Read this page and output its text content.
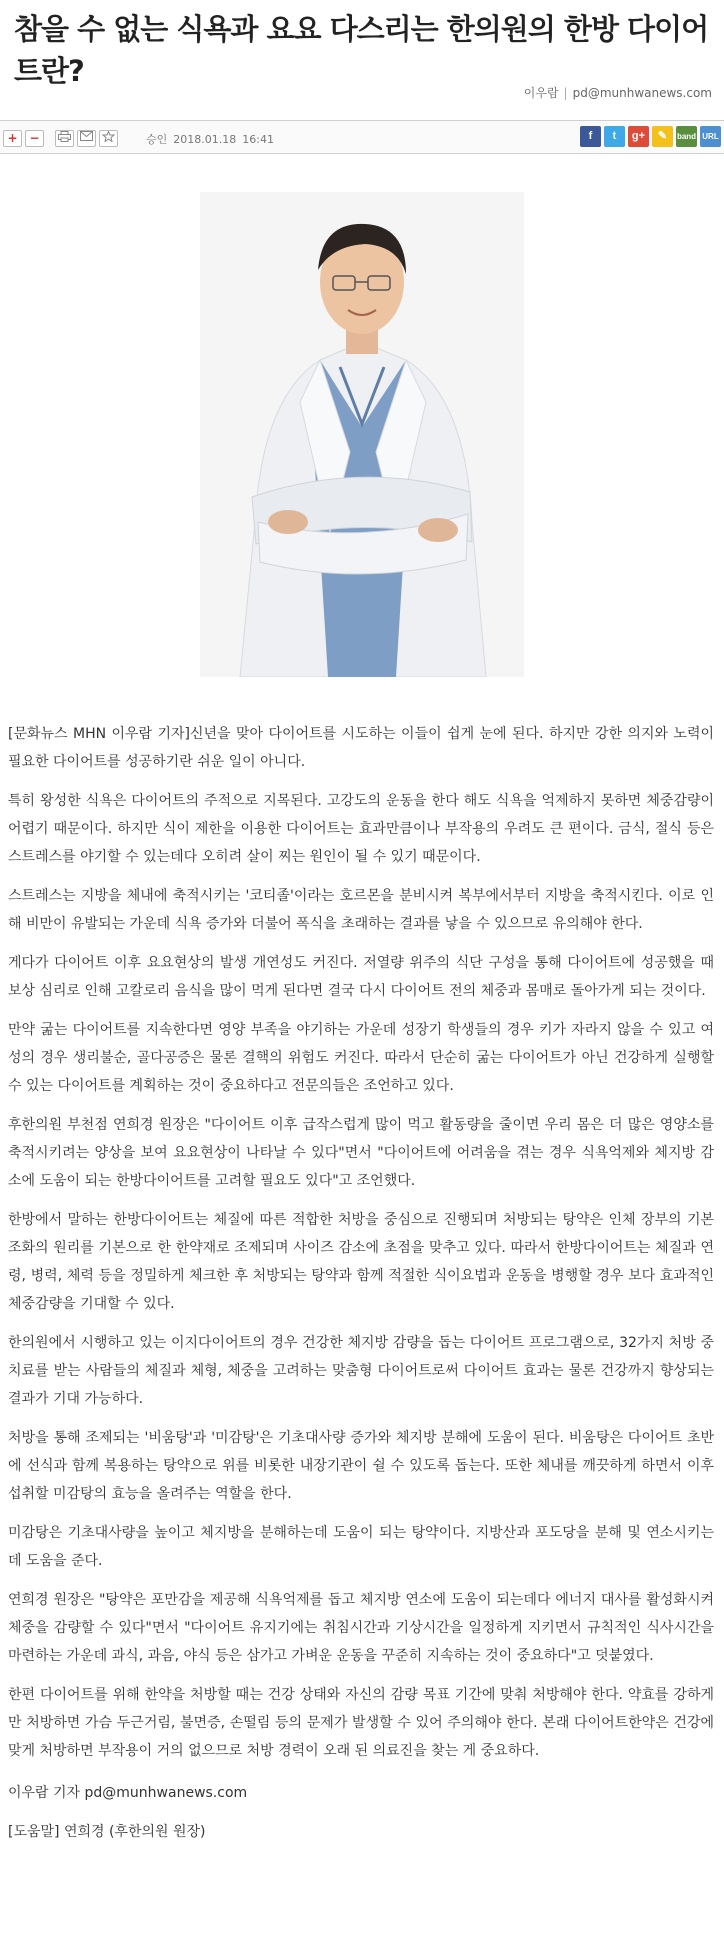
참을 수 없는 식욕과 요요 다스리는 한의원의 한방 다이어트란?
이우람 | pd@munhwanews.com
+ −	승인 2018.01.18 16:41	f	t	g+	✎	band URL

[문화뉴스 MHN 이우람 기자]신년을 맞아 다이어트를 시도하는 이들이 쉽게 눈에 된다. 하지만 강한 의지와 노력이 필요한 다이어트를 성공하기란 쉬운 일이 아니다.

특히 왕성한 식욕은 다이어트의 주적으로 지목된다. 고강도의 운동을 한다 해도 식욕을 억제하지 못하면 체중감량이 어렵기 때문이다. 하지만 식이 제한을 이용한 다이어트는 효과만큼이나 부작용의 우려도 큰 편이다. 금식, 절식 등은 스트레스를 야기할 수 있는데다 오히려 살이 찌는 원인이 될 수 있기 때문이다.

스트레스는 지방을 체내에 축적시키는 '코티졸'이라는 호르몬을 분비시켜 복부에서부터 지방을 축적시킨다. 이로 인해 비만이 유발되는 가운데 식욕 증가와 더불어 폭식을 초래하는 결과를 낳을 수 있으므로 유의해야 한다.

게다가 다이어트 이후 요요현상의 발생 개연성도 커진다. 저열량 위주의 식단 구성을 통해 다이어트에 성공했을 때 보상 심리로 인해 고칼로리 음식을 많이 먹게 된다면 결국 다시 다이어트 전의 체중과 몸매로 돌아가게 되는 것이다.

만약 굶는 다이어트를 지속한다면 영양 부족을 야기하는 가운데 성장기 학생들의 경우 키가 자라지 않을 수 있고 여성의 경우 생리불순, 골다공증은 물론 결핵의 위험도 커진다. 따라서 단순히 굶는 다이어트가 아닌 건강하게 실행할 수 있는 다이어트를 계획하는 것이 중요하다고 전문의들은 조언하고 있다.

후한의원 부천점 연희경 원장은 "다이어트 이후 급작스럽게 많이 먹고 활동량을 줄이면 우리 몸은 더 많은 영양소를 축적시키려는 양상을 보여 요요현상이 나타날 수 있다"면서 "다이어트에 어려움을 겪는 경우 식욕억제와 체지방 감소에 도움이 되는 한방다이어트를 고려할 필요도 있다"고 조언했다.

한방에서 말하는 한방다이어트는 체질에 따른 적합한 처방을 중심으로 진행되며 처방되는 탕약은 인체 장부의 기본 조화의 원리를 기본으로 한 한약재로 조제되며 사이즈 감소에 초점을 맞추고 있다. 따라서 한방다이어트는 체질과 연령, 병력, 체력 등을 정밀하게 체크한 후 처방되는 탕약과 함께 적절한 식이요법과 운동을 병행할 경우 보다 효과적인 체중감량을 기대할 수 있다.

한의원에서 시행하고 있는 이지다이어트의 경우 건강한 체지방 감량을 돕는 다이어트 프로그램으로, 32가지 처방 중 치료를 받는 사람들의 체질과 체형, 체중을 고려하는 맞춤형 다이어트로써 다이어트 효과는 물론 건강까지 향상되는 결과가 기대 가능하다.

처방을 통해 조제되는 '비움탕'과 '미감탕'은 기초대사량 증가와 체지방 분해에 도움이 된다. 비움탕은 다이어트 초반에 선식과 함께 복용하는 탕약으로 위를 비롯한 내장기관이 쉴 수 있도록 돕는다. 또한 체내를 깨끗하게 하면서 이후 섭취할 미감탕의 효능을 올려주는 역할을 한다.

미감탕은 기초대사량을 높이고 체지방을 분해하는데 도움이 되는 탕약이다. 지방산과 포도당을 분해 및 연소시키는데 도움을 준다.

연희경 원장은 "탕약은 포만감을 제공해 식욕억제를 돕고 체지방 연소에 도움이 되는데다 에너지 대사를 활성화시켜 체중을 감량할 수 있다"면서 "다이어트 유지기에는 취침시간과 기상시간을 일정하게 지키면서 규칙적인 식사시간을 마련하는 가운데 과식, 과음, 야식 등은 삼가고 가벼운 운동을 꾸준히 지속하는 것이 중요하다"고 덧붙였다.

한편 다이어트를 위해 한약을 처방할 때는 건강 상태와 자신의 감량 목표 기간에 맞춰 처방해야 한다. 약효를 강하게만 처방하면 가슴 두근거림, 불면증, 손떨림 등의 문제가 발생할 수 있어 주의해야 한다. 본래 다이어트한약은 건강에 맞게 처방하면 부작용이 거의 없으므로 처방 경력이 오래 된 의료진을 찾는 게 중요하다.

이우람 기자 pd@munhwanews.com

[도움말] 연희경 (후한의원 원장)
